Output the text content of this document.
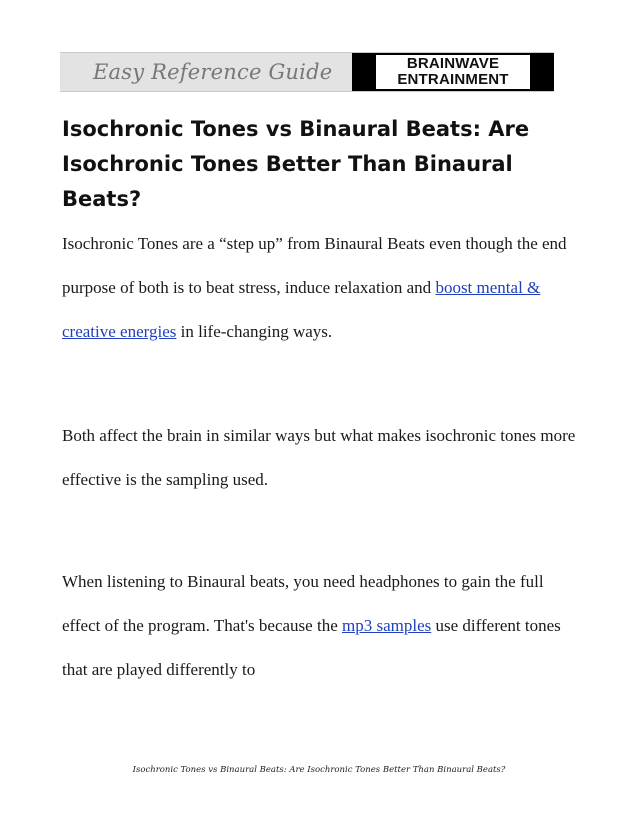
Easy Reference Guide	BRAINWAVE
ENTRAINMENT
Isochronic Tones vs Binaural Beats: Are Isochronic Tones Better Than Binaural Beats?

Isochronic Tones are a “step up” from Binaural Beats even though the end purpose of both is to beat stress, induce relaxation and boost mental & creative energies in life-changing ways.

Both affect the brain in similar ways but what makes isochronic tones more effective is the sampling used.

When listening to Binaural beats, you need headphones to gain the full effect of the program. That's because the mp3 samples use different tones that are played differently to

Isochronic Tones vs Binaural Beats: Are Isochronic Tones Better Than Binaural Beats?
